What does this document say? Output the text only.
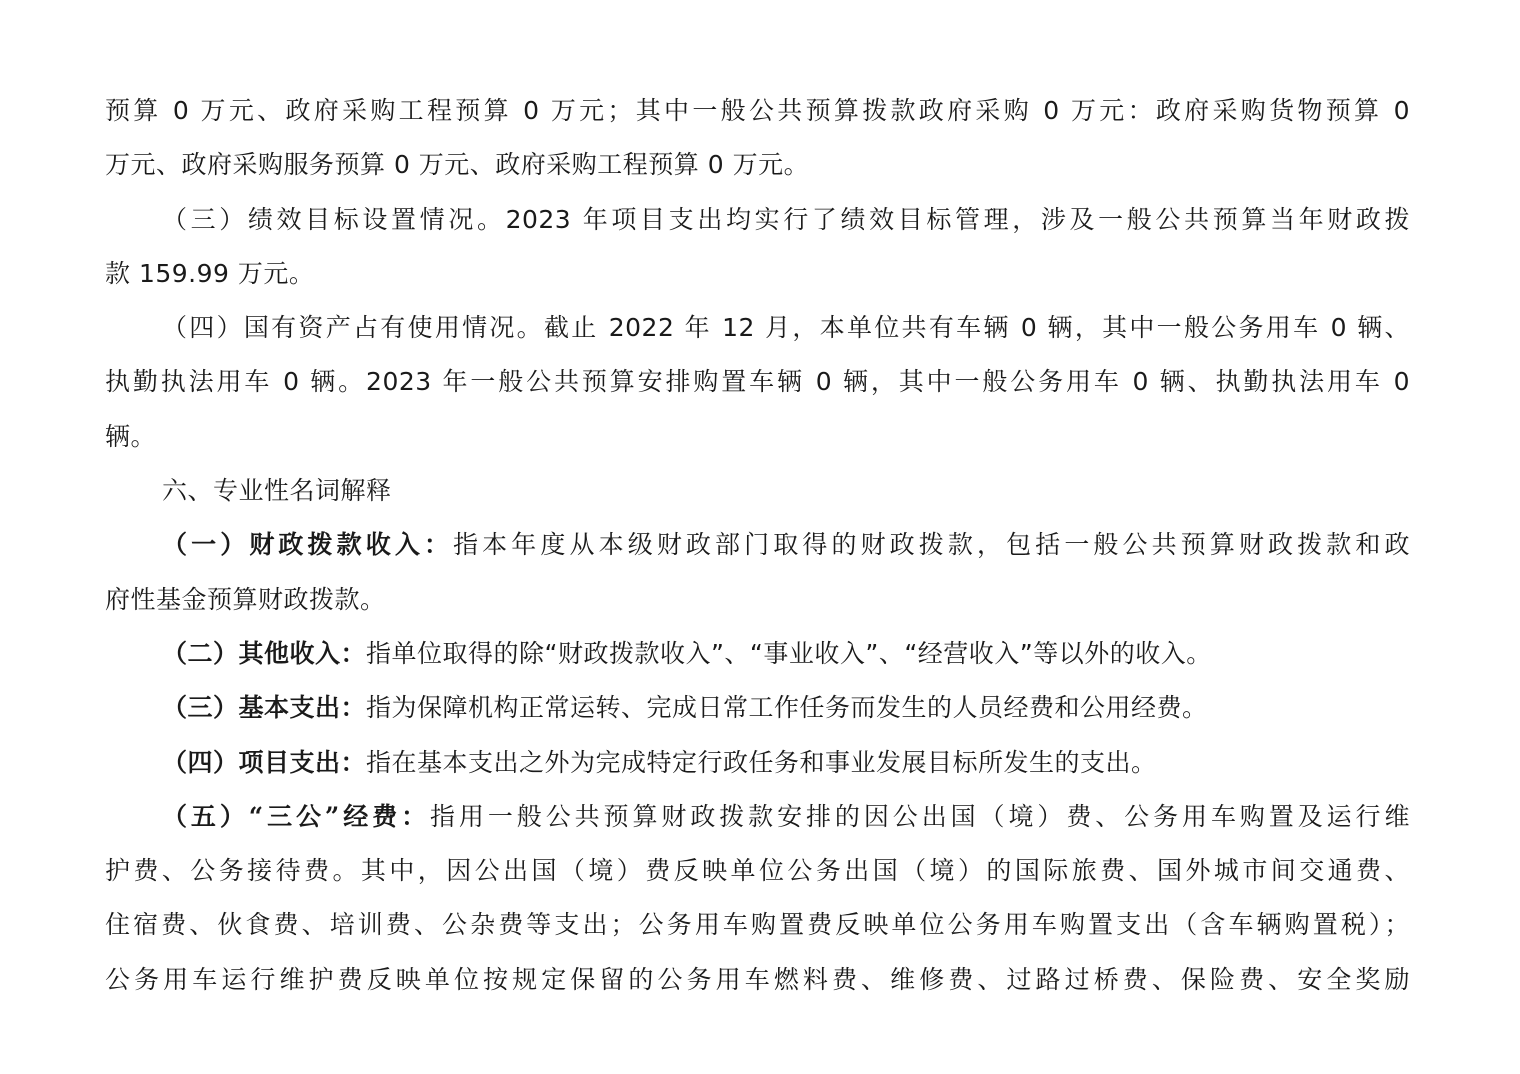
预算 0 万元、政府采购工程预算 0 万元；其中一般公共预算拨款政府采购 0 万元：政府采购货物预算 0
万元、政府采购服务预算 0 万元、政府采购工程预算 0 万元。
（三）绩效目标设置情况。2023 年项目支出均实行了绩效目标管理，涉及一般公共预算当年财政拨
款 159.99 万元。
（四）国有资产占有使用情况。截止 2022 年 12 月，本单位共有车辆 0 辆，其中一般公务用车 0 辆、
执勤执法用车 0 辆。2023 年一般公共预算安排购置车辆 0 辆，其中一般公务用车 0 辆、执勤执法用车 0
辆。
六、专业性名词解释
（一）财政拨款收入：指本年度从本级财政部门取得的财政拨款，包括一般公共预算财政拨款和政
府性基金预算财政拨款。
（二）其他收入：指单位取得的除“财政拨款收入”、“事业收入”、“经营收入”等以外的收入。
（三）基本支出：指为保障机构正常运转、完成日常工作任务而发生的人员经费和公用经费。
（四）项目支出：指在基本支出之外为完成特定行政任务和事业发展目标所发生的支出。
（五）“三公”经费：指用一般公共预算财政拨款安排的因公出国（境）费、公务用车购置及运行维
护费、公务接待费。其中，因公出国（境）费反映单位公务出国（境）的国际旅费、国外城市间交通费、
住宿费、伙食费、培训费、公杂费等支出；公务用车购置费反映单位公务用车购置支出（含车辆购置税）；
公务用车运行维护费反映单位按规定保留的公务用车燃料费、维修费、过路过桥费、保险费、安全奖励
